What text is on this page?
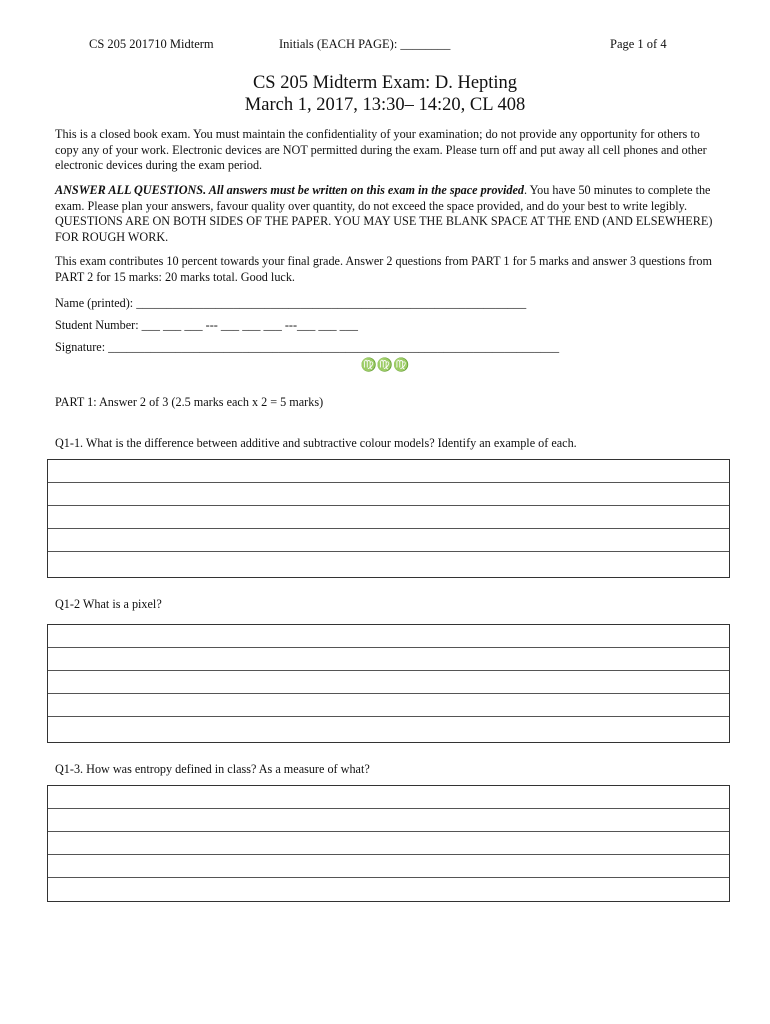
CS 205 201710 Midterm	Initials (EACH PAGE): ________	Page 1 of 4
CS 205 Midterm Exam: D. Hepting
March 1, 2017, 13:30– 14:20, CL 408

This is a closed book exam. You must maintain the confidentiality of your examination; do not provide any opportunity for others to copy any of your work. Electronic devices are NOT permitted during the exam. Please turn off and put away all cell phones and other electronic devices during the exam period.

ANSWER ALL QUESTIONS. All answers must be written on this exam in the space provided. You have 50 minutes to complete the exam. Please plan your answers, favour quality over quantity, do not exceed the space provided, and do your best to write legibly. QUESTIONS ARE ON BOTH SIDES OF THE PAPER. YOU MAY USE THE BLANK SPACE AT THE END (AND ELSEWHERE) FOR ROUGH WORK.

This exam contributes 10 percent towards your final grade. Answer 2 questions from PART 1 for 5 marks and answer 3 questions from PART 2 for 15 marks: 20 marks total. Good luck.

Name (printed): ________________________________________________________________
Student Number: ___ ___ ___ --- ___ ___ ___ ---___ ___ ___
Signature: __________________________________________________________________________
♍♍♍
PART 1: Answer 2 of 3 (2.5 marks each x 2 = 5 marks)
Q1-1. What is the difference between additive and subtractive colour models? Identify an example of each.
Q1-2 What is a pixel?
Q1-3. How was entropy defined in class? As a measure of what?
